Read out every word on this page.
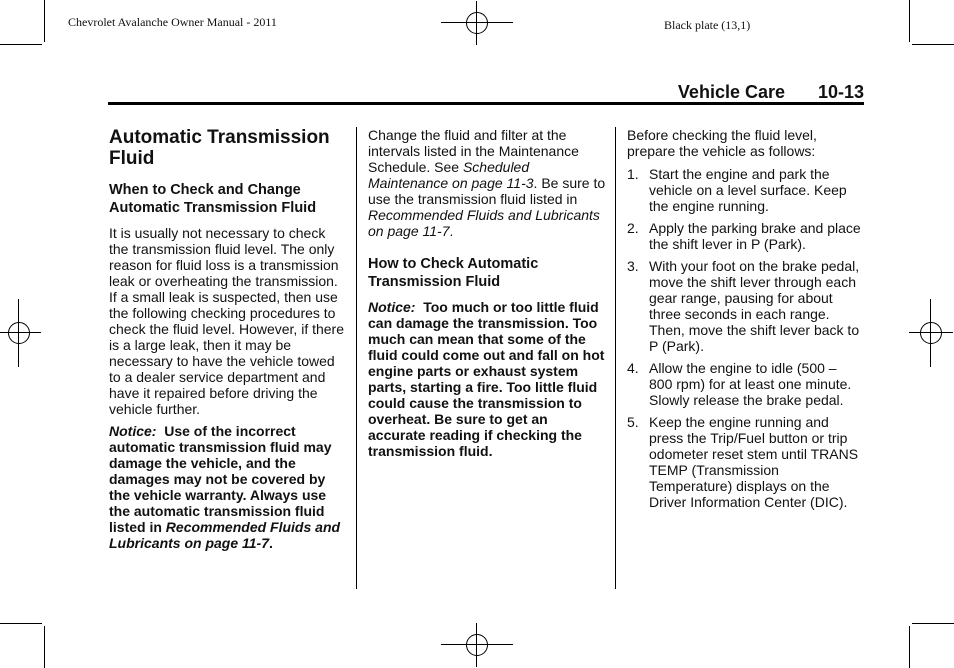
Chevrolet Avalanche Owner Manual - 2011	Black plate (13,1)
Vehicle Care 10-13
Automatic Transmission Fluid
When to Check and Change Automatic Transmission Fluid

It is usually not necessary to check the transmission fluid level. The only reason for fluid loss is a transmission leak or overheating the transmission. If a small leak is suspected, then use the following checking procedures to check the fluid level. However, if there is a large leak, then it may be necessary to have the vehicle towed to a dealer service department and have it repaired before driving the vehicle further.

Notice: Use of the incorrect automatic transmission fluid may damage the vehicle, and the damages may not be covered by the vehicle warranty. Always use the automatic transmission fluid listed in Recommended Fluids and Lubricants on page 11-7.

Change the fluid and filter at the intervals listed in the Maintenance Schedule. See Scheduled Maintenance on page 11-3. Be sure to use the transmission fluid listed in Recommended Fluids and Lubricants on page 11-7.

How to Check Automatic Transmission Fluid

Notice: Too much or too little fluid can damage the transmission. Too much can mean that some of the fluid could come out and fall on hot engine parts or exhaust system parts, starting a fire. Too little fluid could cause the transmission to overheat. Be sure to get an accurate reading if checking the transmission fluid.

Before checking the fluid level, prepare the vehicle as follows:

1. Start the engine and park the vehicle on a level surface. Keep the engine running.
2. Apply the parking brake and place the shift lever in P (Park).
3. With your foot on the brake pedal, move the shift lever through each gear range, pausing for about three seconds in each range. Then, move the shift lever back to P (Park).
4. Allow the engine to idle (500 – 800 rpm) for at least one minute. Slowly release the brake pedal.
5. Keep the engine running and press the Trip/Fuel button or trip odometer reset stem until TRANS TEMP (Transmission Temperature) displays on the Driver Information Center (DIC).
